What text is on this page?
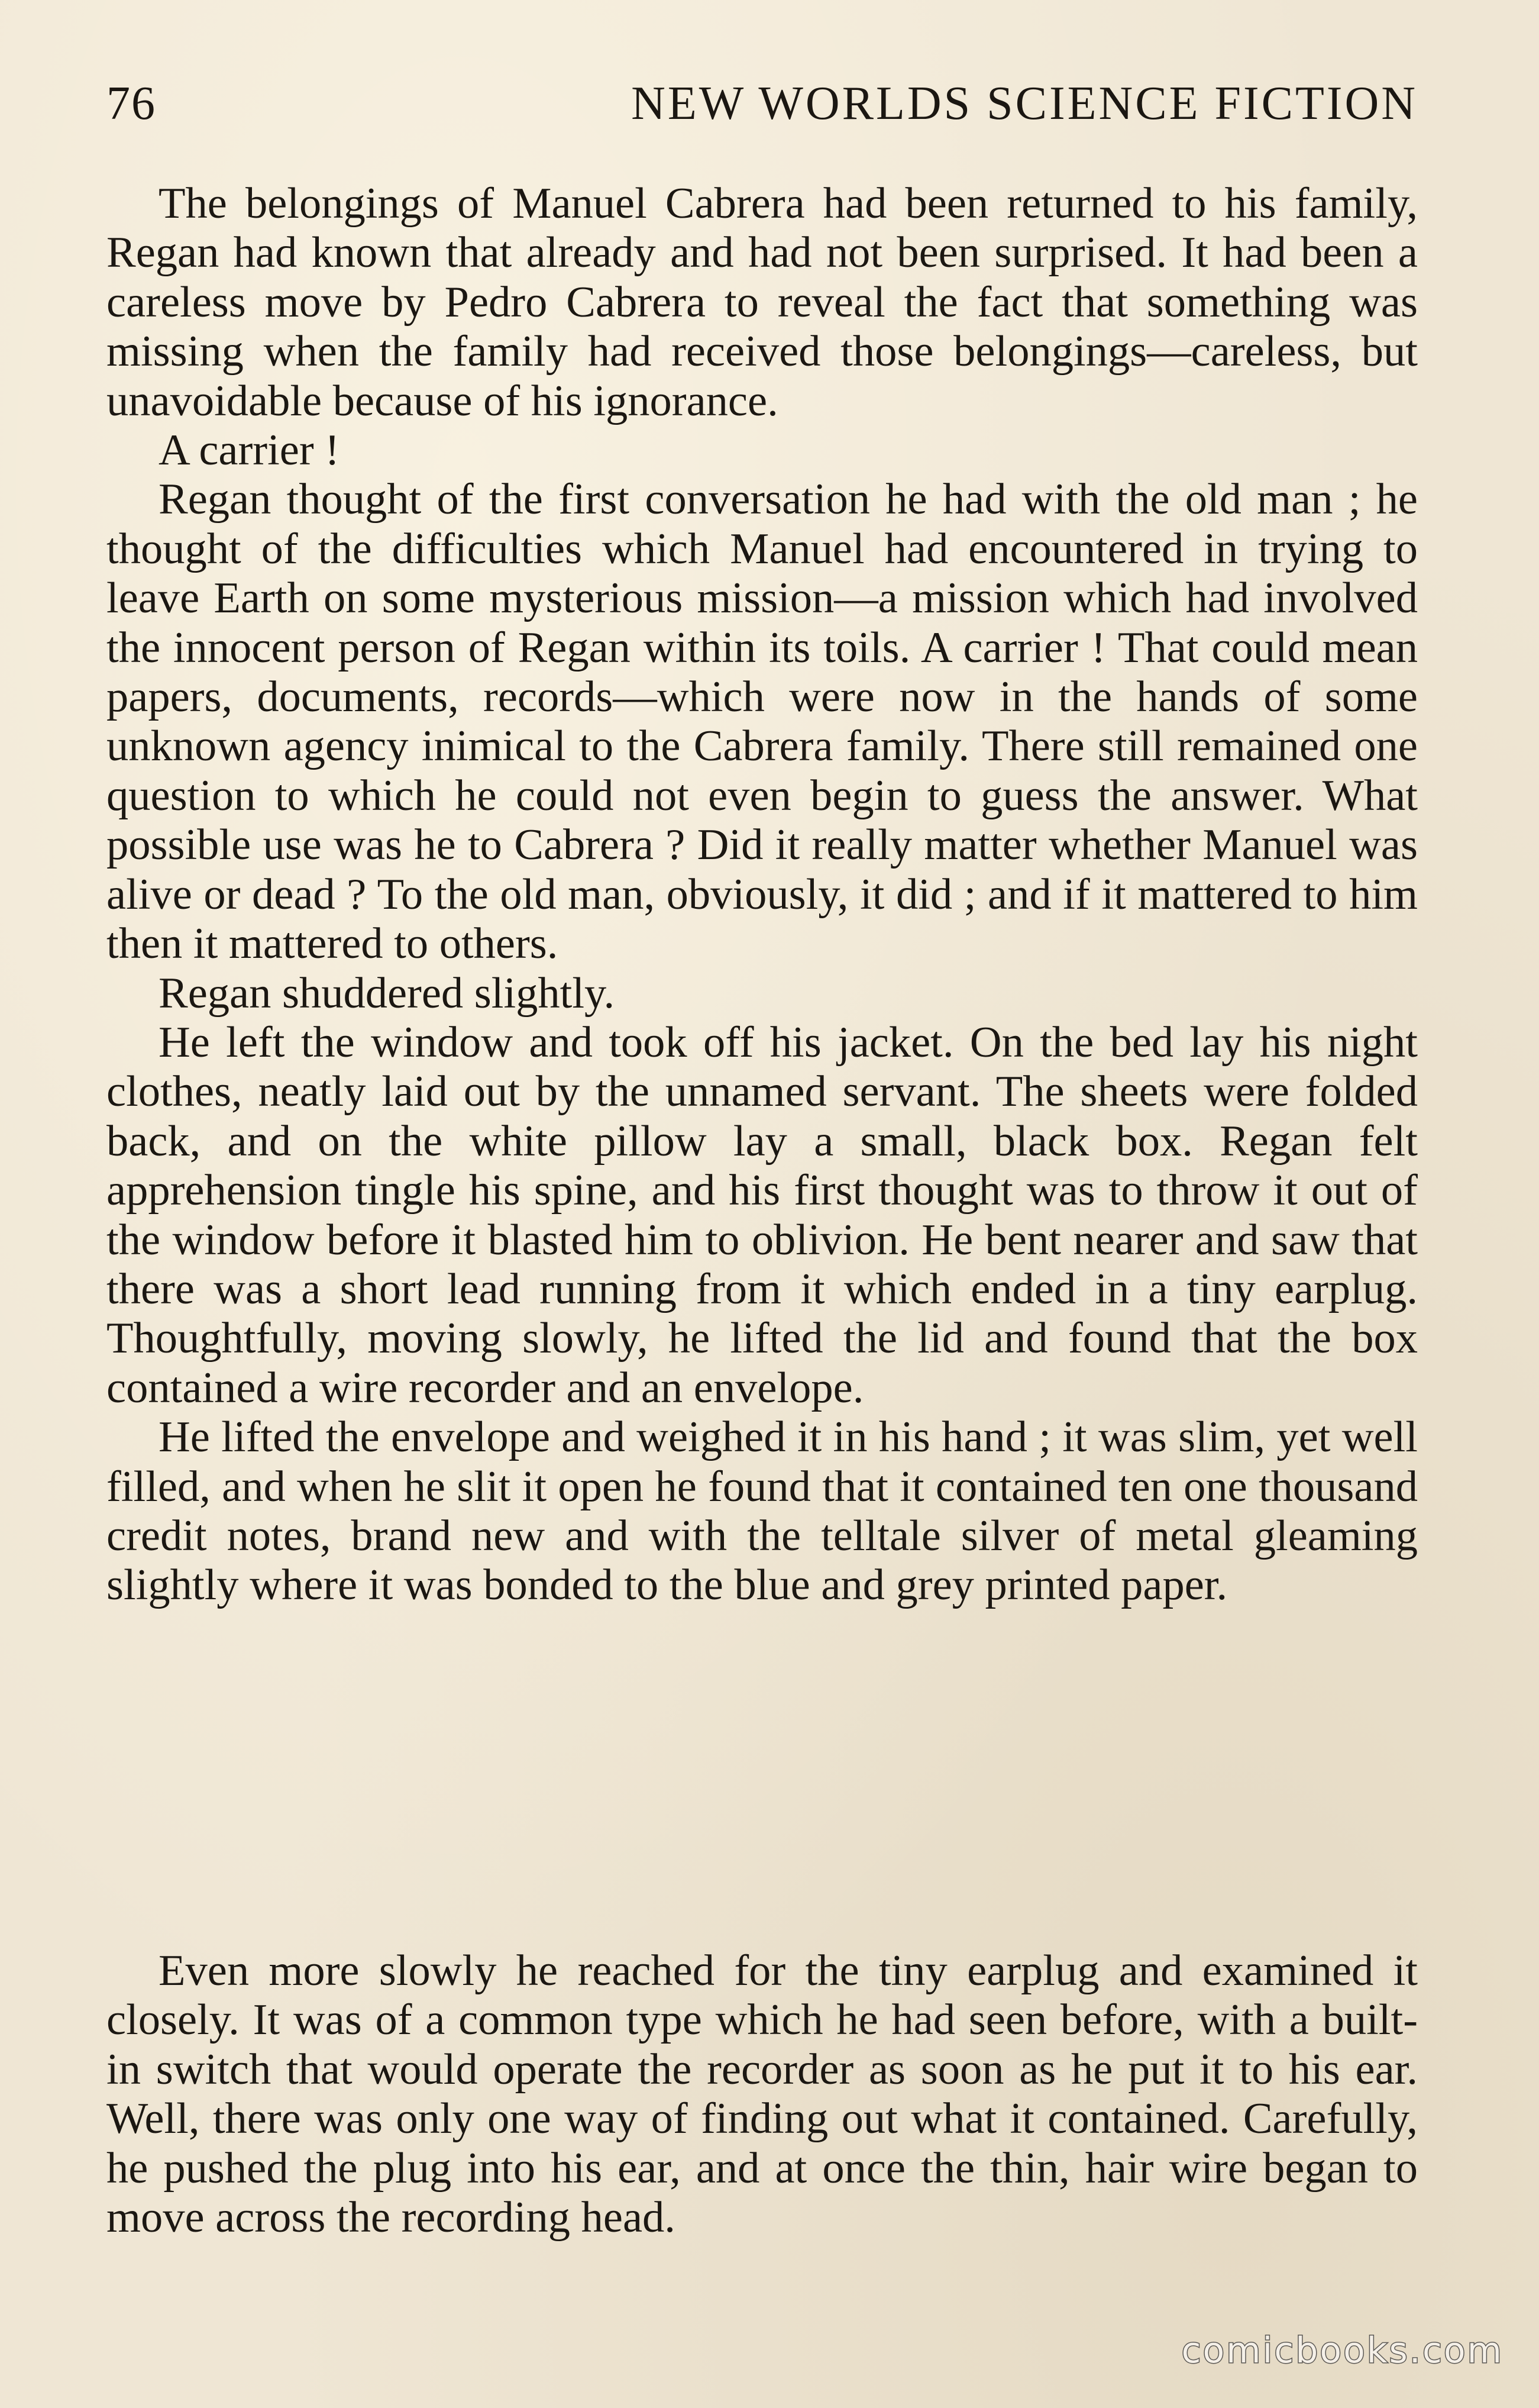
76	NEW WORLDS SCIENCE FICTION

The belongings of Manuel Cabrera had been returned to his family, Regan had known that already and had not been surprised. It had been a careless move by Pedro Cabrera to reveal the fact that something was missing when the family had received those belongings—careless, but unavoidable because of his ignorance.

A carrier !

Regan thought of the first conversation he had with the old man ; he thought of the difficulties which Manuel had encountered in trying to leave Earth on some mysterious mission—a mission which had involved the innocent person of Regan within its toils. A carrier ! That could mean papers, documents, records—which were now in the hands of some unknown agency inimical to the Cabrera family. There still remained one question to which he could not even begin to guess the answer. What possible use was he to Cabrera ? Did it really matter whether Manuel was alive or dead ? To the old man, obviously, it did ; and if it mattered to him then it mattered to others.

Regan shuddered slightly.

He left the window and took off his jacket. On the bed lay his night clothes, neatly laid out by the unnamed servant. The sheets were folded back, and on the white pillow lay a small, black box. Regan felt apprehension tingle his spine, and his first thought was to throw it out of the window before it blasted him to oblivion. He bent nearer and saw that there was a short lead running from it which ended in a tiny earplug. Thoughtfully, moving slowly, he lifted the lid and found that the box contained a wire recorder and an envelope.

He lifted the envelope and weighed it in his hand ; it was slim, yet well filled, and when he slit it open he found that it contained ten one thousand credit notes, brand new and with the telltale silver of metal gleaming slightly where it was bonded to the blue and grey printed paper.

Even more slowly he reached for the tiny earplug and examined it closely. It was of a common type which he had seen before, with a built-in switch that would operate the recorder as soon as he put it to his ear. Well, there was only one way of finding out what it contained. Carefully, he pushed the plug into his ear, and at once the thin, hair wire began to move across the recording head.

comicbooks.com
